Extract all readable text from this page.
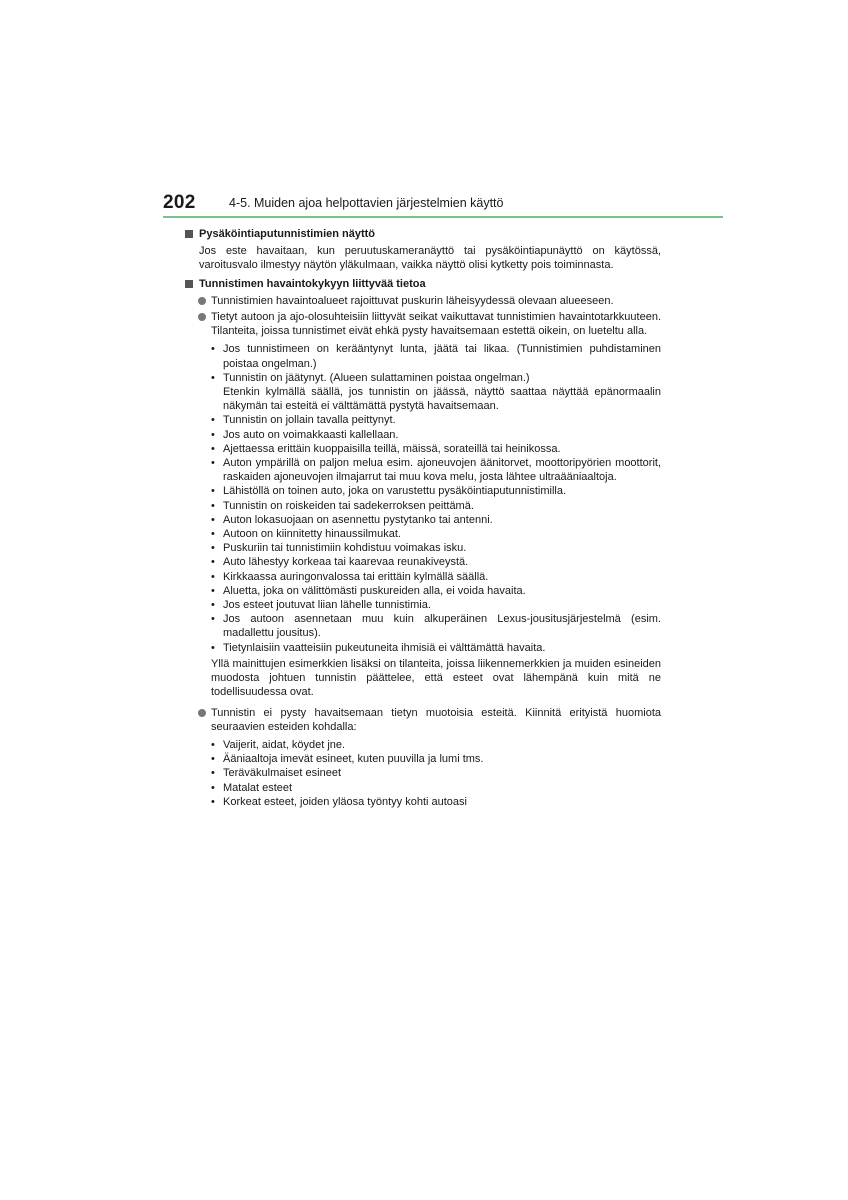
202	4-5. Muiden ajoa helpottavien järjestelmien käyttö
Pysäköintiaputunnistimien näyttö
Jos este havaitaan, kun peruutuskameranäyttö tai pysäköintiapunäyttö on käytössä, varoitusvalo ilmestyy näytön yläkulmaan, vaikka näyttö olisi kytketty pois toiminnasta.
Tunnistimen havaintokykyyn liittyvää tietoa
Tunnistimien havaintoalueet rajoittuvat puskurin läheisyydessä olevaan alueeseen.
Tietyt autoon ja ajo-olosuhteisiin liittyvät seikat vaikuttavat tunnistimien havaintotarkkuuteen. Tilanteita, joissa tunnistimet eivät ehkä pysty havaitsemaan estettä oikein, on lueteltu alla.
• Jos tunnistimeen on kerääntynyt lunta, jäätä tai likaa. (Tunnistimien puhdistaminen poistaa ongelman.)
• Tunnistin on jäätynyt. (Alueen sulattaminen poistaa ongelman.)
Etenkin kylmällä säällä, jos tunnistin on jäässä, näyttö saattaa näyttää epänormaalin näkymän tai esteitä ei välttämättä pystytä havaitsemaan.
• Tunnistin on jollain tavalla peittynyt.
• Jos auto on voimakkaasti kallellaan.
• Ajettaessa erittäin kuoppaisilla teillä, mäissä, sorateillä tai heinikossa.
• Auton ympärillä on paljon melua esim. ajoneuvojen äänitorvet, moottoripyörien moottorit, raskaiden ajoneuvojen ilmajarrut tai muu kova melu, josta lähtee ultraääniaaltoja.
• Lähistöllä on toinen auto, joka on varustettu pysäköintiaputunnistimilla.
• Tunnistin on roiskeiden tai sadekerroksen peittämä.
• Auton lokasuojaan on asennettu pystytanko tai antenni.
• Autoon on kiinnitetty hinaussilmukat.
• Puskuriin tai tunnistimiin kohdistuu voimakas isku.
• Auto lähestyy korkeaa tai kaarevaa reunakiveystä.
• Kirkkaassa auringonvalossa tai erittäin kylmällä säällä.
• Aluetta, joka on välittömästi puskureiden alla, ei voida havaita.
• Jos esteet joutuvat liian lähelle tunnistimia.
• Jos autoon asennetaan muu kuin alkuperäinen Lexus-jousitusjärjestelmä (esim. madallettu jousitus).
• Tietynlaisiin vaatteisiin pukeutuneita ihmisiä ei välttämättä havaita.
Yllä mainittujen esimerkkien lisäksi on tilanteita, joissa liikennemerkkien ja muiden esineiden muodosta johtuen tunnistin päättelee, että esteet ovat lähempänä kuin mitä ne todellisuudessa ovat.
Tunnistin ei pysty havaitsemaan tietyn muotoisia esteitä. Kiinnitä erityistä huomiota seuraavien esteiden kohdalla:
• Vaijerit, aidat, köydet jne.
• Ääniaaltoja imevät esineet, kuten puuvilla ja lumi tms.
• Teräväkulmaiset esineet
• Matalat esteet
• Korkeat esteet, joiden yläosa työntyy kohti autoasi
